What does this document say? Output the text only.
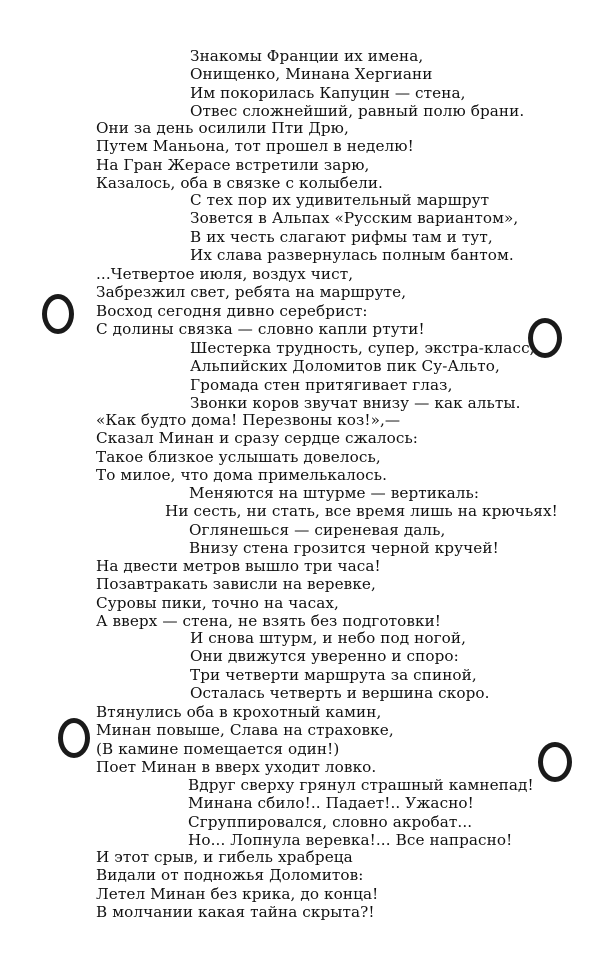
Знакомы Франции их имена,
Онищенко, Минана Хергиани
Им покорилась Капуцин — стена,
Отвес сложнейший, равный полю брани.
Они за день осилили Пти Дрю,
Путем Маньона, тот прошел в неделю!
На Гран Жерасе встретили зарю,
Казалось, оба в связке с колыбели.
С тех пор их удивительный маршрут
Зовется в Альпах «Русским вариантом»,
В их честь слагают рифмы там и тут,
Их слава развернулась полным бантом.
...Четвертое июля, воздух чист,
Забрезжил свет, ребята на маршруте,
Восход сегодня дивно серебрист:
С долины связка — словно капли ртути!
Шестерка трудность, супер, экстра-класс,
Альпийских Доломитов пик Су-Альто,
Громада стен притягивает глаз,
Звонки коров звучат внизу — как альты.
«Как будто дома! Перезвоны коз!»,—
Сказал Минан и сразу сердце сжалось:
Такое близкое услышать довелось,
То милое, что дома примелькалось.
Меняются на штурме — вертикаль:
Ни сесть, ни стать, все время лишь на крючьях!
Оглянешься — сиреневая даль,
Внизу стена грозится черной кручей!
На двести метров вышло три часа!
Позавтракать зависли на веревке,
Суровы пики, точно на часах,
А вверх — стена, не взять без подготовки!
И снова штурм, и небо под ногой,
Они движутся уверенно и споро:
Три четверти маршрута за спиной,
Осталась четверть и вершина скоро.
Втянулись оба в крохотный камин,
Минан повыше, Слава на страховке,
(В камине помещается один!)
Поет Минан в вверх уходит ловко.
Вдруг сверху грянул страшный камнепад!
Минана сбило!.. Падает!.. Ужасно!
Сгруппировался, словно акробат...
Но... Лопнула веревка!... Все напрасно!
И этот срыв, и гибель храбреца
Видали от подножья Доломитов:
Летел Минан без крика, до конца!
В молчании какая тайна скрыта?!
